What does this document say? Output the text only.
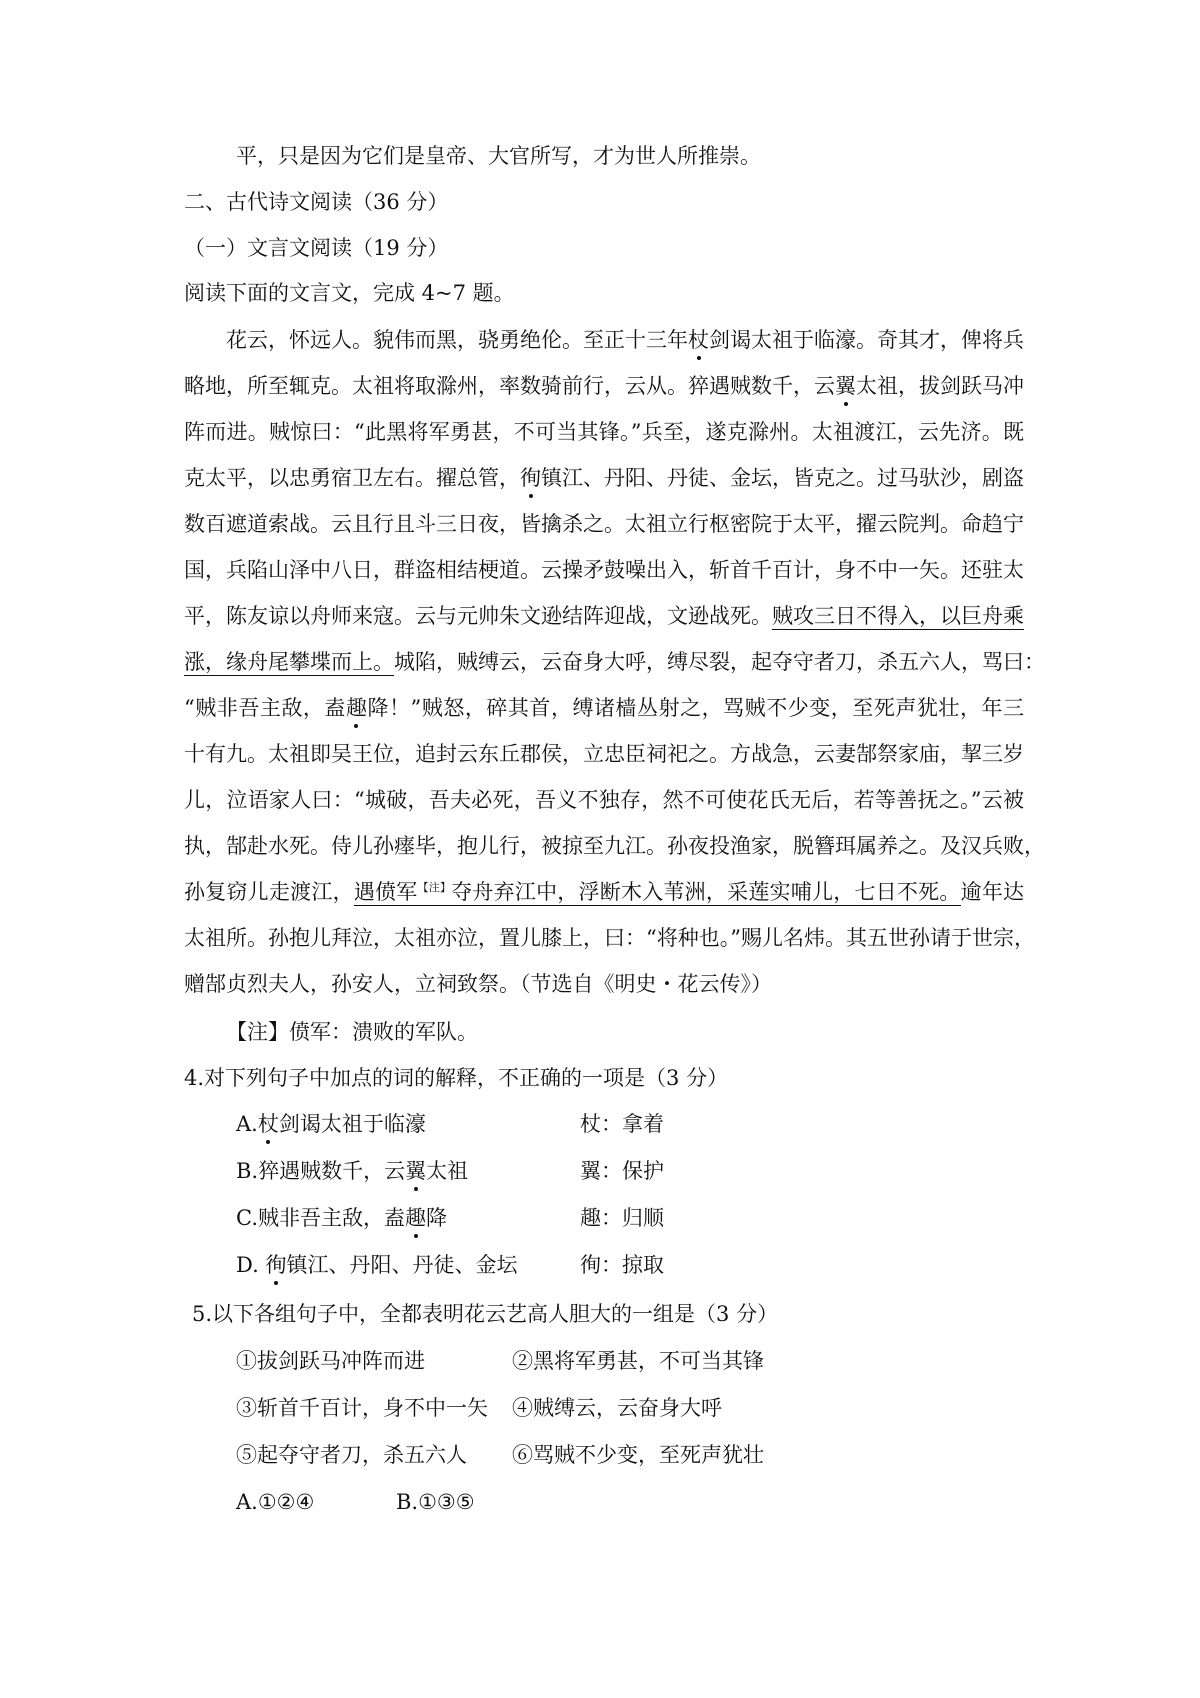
平，只是因为它们是皇帝、大官所写，才为世人所推崇。
二、古代诗文阅读（36 分）
（一）文言文阅读（19 分）
阅读下面的文言文，完成 4~7 题。
花云，怀远人。貌伟而黑，骁勇绝伦。至正十三年杖剑谒太祖于临濠。奇其才，俾将兵
略地，所至辄克。太祖将取滁州，率数骑前行，云从。猝遇贼数千，云翼太祖，拔剑跃马冲
阵而进。贼惊曰：“此黑将军勇甚，不可当其锋。”兵至，遂克滁州。太祖渡江，云先济。既
克太平，以忠勇宿卫左右。擢总管，徇镇江、丹阳、丹徒、金坛，皆克之。过马驮沙，剧盗
数百遮道索战。云且行且斗三日夜，皆擒杀之。太祖立行枢密院于太平，擢云院判。命趋宁
国，兵陷山泽中八日，群盗相结梗道。云操矛鼓噪出入，斩首千百计，身不中一矢。还驻太
平，陈友谅以舟师来寇。云与元帅朱文逊结阵迎战，文逊战死。贼攻三日不得入，以巨舟乘
涨，缘舟尾攀堞而上。城陷，贼缚云，云奋身大呼，缚尽裂，起夺守者刀，杀五六人，骂曰：
“贼非吾主敌，盍趣降！”贼怒，碎其首，缚诸樯丛射之，骂贼不少变，至死声犹壮，年三
十有九。太祖即吴王位，追封云东丘郡侯，立忠臣祠祀之。方战急，云妻郜祭家庙，挈三岁
儿，泣语家人曰：“城破，吾夫必死，吾义不独存，然不可使花氏无后，若等善抚之。”云被
执，郜赴水死。侍儿孙瘗毕，抱儿行，被掠至九江。孙夜投渔家，脱簪珥属养之。及汉兵败，
孙复窃儿走渡江，遇偾军$^{【注】}$夺舟弃江中，浮断木入苇洲，采莲实哺儿，七日不死。逾年达
太祖所。孙抱儿拜泣，太祖亦泣，置儿膝上，曰：“将种也。”赐儿名炜。其五世孙请于世宗，
赠郜贞烈夫人，孙安人，立祠致祭。（节选自《明史・花云传》）
【注】偾军：溃败的军队。
4.对下列句子中加点的词的解释，不正确的一项是（3 分）
A.杖剑谒太祖于临濠	杖：拿着
B.猝遇贼数千，云翼太祖	翼：保护
C.贼非吾主敌，盍趣降	趣：归顺
D. 徇镇江、丹阳、丹徒、金坛	徇：掠取
5.以下各组句子中，全都表明花云艺高人胆大的一组是（3 分）
①拔剑跃马冲阵而进	②黑将军勇甚，不可当其锋
③斩首千百计，身不中一矢 ④贼缚云，云奋身大呼
⑤起夺守者刀，杀五六人 ⑥骂贼不少变，至死声犹壮
A.①②④	B.①③⑤
